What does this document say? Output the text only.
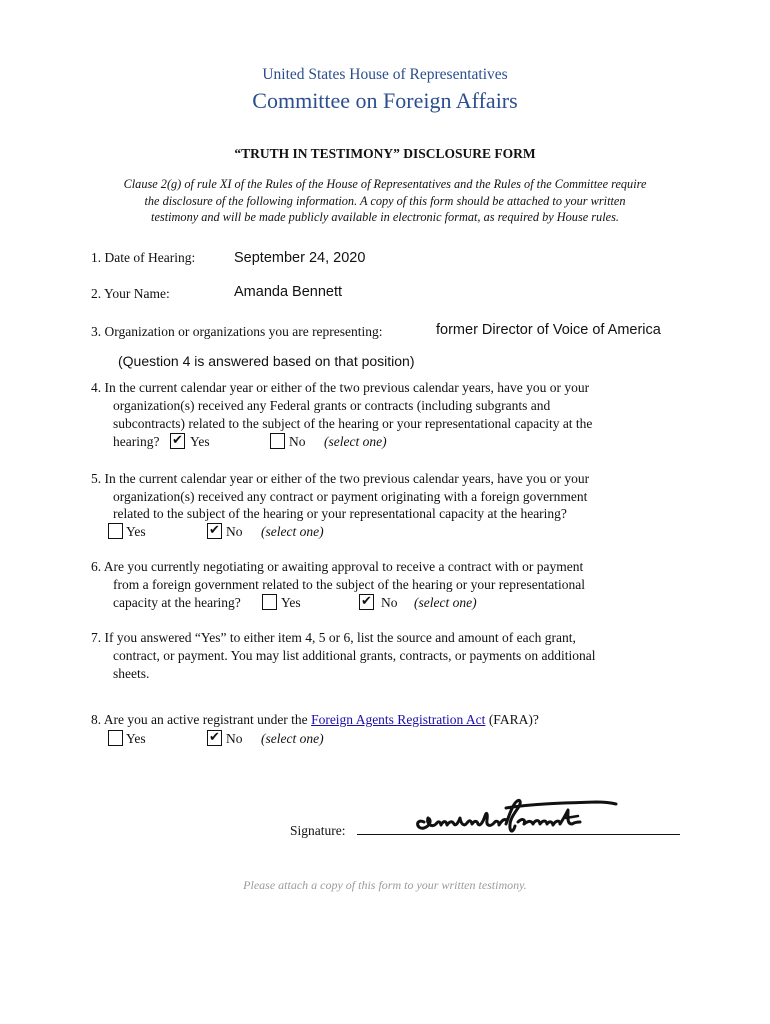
United States House of Representatives
Committee on Foreign Affairs
“TRUTH IN TESTIMONY” DISCLOSURE FORM
Clause 2(g) of rule XI of the Rules of the House of Representatives and the Rules of the Committee require
the disclosure of the following information. A copy of this form should be attached to your written
testimony and will be made publicly available in electronic format, as required by House rules.
1. Date of Hearing:	September 24, 2020
2. Your Name:	Amanda Bennett
3. Organization or organizations you are representing:	former Director of Voice of America
(Question 4 is answered based on that position)
4. In the current calendar year or either of the two previous calendar years, have you or your
organization(s) received any Federal grants or contracts (including subgrants and
subcontracts) related to the subject of the hearing or your representational capacity at the
hearing? ✔ Yes	No (select one)
5. In the current calendar year or either of the two previous calendar years, have you or your
organization(s) received any contract or payment originating with a foreign government
related to the subject of the hearing or your representational capacity at the hearing?
Yes	✔ No (select one)
6. Are you currently negotiating or awaiting approval to receive a contract with or payment
from a foreign government related to the subject of the hearing or your representational
capacity at the hearing?	Yes	✔ No (select one)
7. If you answered “Yes” to either item 4, 5 or 6, list the source and amount of each grant,
contract, or payment. You may list additional grants, contracts, or payments on additional
sheets.
8. Are you an active registrant under the Foreign Agents Registration Act (FARA)?
Yes	✔ No (select one)
Signature:
Please attach a copy of this form to your written testimony.
